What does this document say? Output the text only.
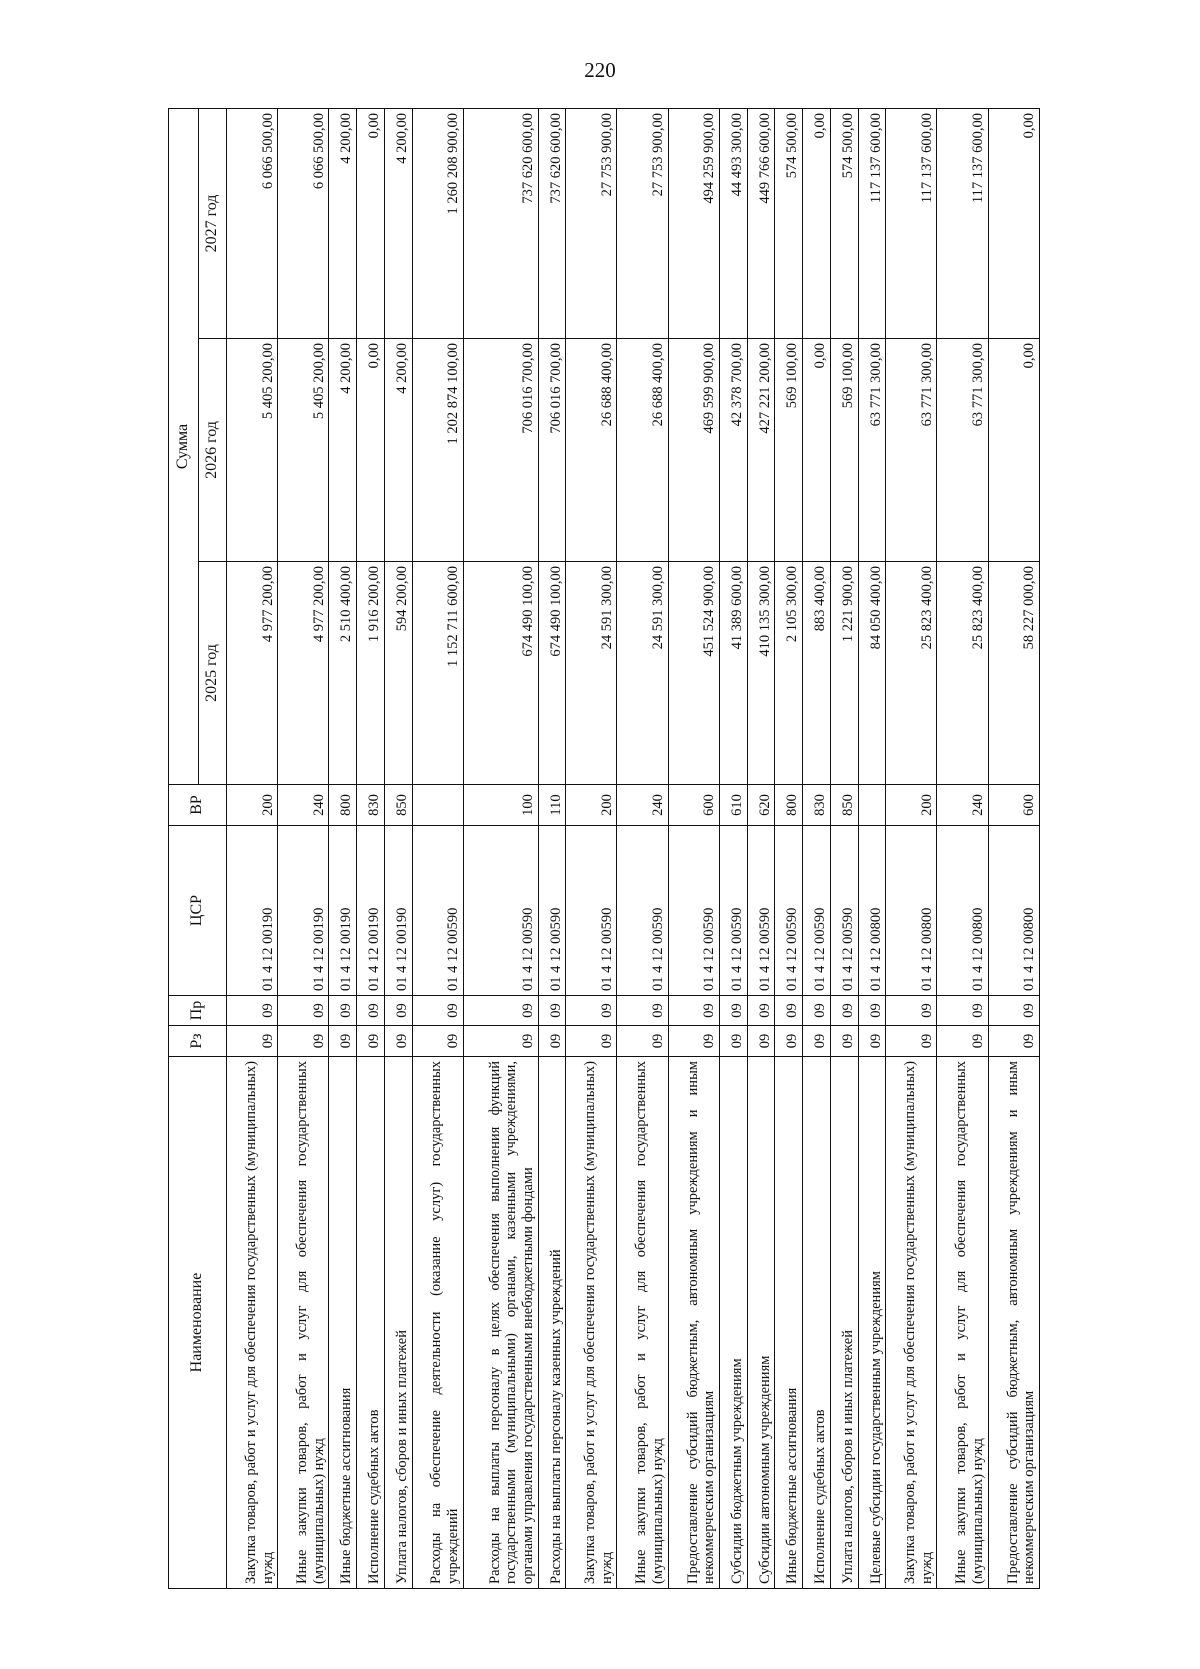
220
Наименование	Рз	Пр	ЦСР	ВР	Сумма		
					2025 год	2026 год	2027 год
Закупка товаров, работ и услуг для обеспечения государственных (муниципальных) нужд	09	09	01 4 12 00190	200	4 977 200,00	5 405 200,00	6 066 500,00
Иные закупки товаров, работ и услуг для обеспечения государственных (муниципальных) нужд	09	09	01 4 12 00190	240	4 977 200,00	5 405 200,00	6 066 500,00
Иные бюджетные ассигнования	09	09	01 4 12 00190	800	2 510 400,00	4 200,00	4 200,00
Исполнение судебных актов	09	09	01 4 12 00190	830	1 916 200,00	0,00	0,00
Уплата налогов, сборов и иных платежей	09	09	01 4 12 00190	850	594 200,00	4 200,00	4 200,00
Расходы на обеспечение деятельности (оказание услуг) государственных учреждений	09	09	01 4 12 00590		1 152 711 600,00	1 202 874 100,00	1 260 208 900,00
Расходы на выплаты персоналу в целях обеспечения выполнения функций государственными (муниципальными) органами, казенными учреждениями, органами управления государственными внебюджетными фондами	09	09	01 4 12 00590	100	674 490 100,00	706 016 700,00	737 620 600,00
Расходы на выплаты персоналу казенных учреждений	09	09	01 4 12 00590	110	674 490 100,00	706 016 700,00	737 620 600,00
Закупка товаров, работ и услуг для обеспечения государственных (муниципальных) нужд	09	09	01 4 12 00590	200	24 591 300,00	26 688 400,00	27 753 900,00
Иные закупки товаров, работ и услуг для обеспечения государственных (муниципальных) нужд	09	09	01 4 12 00590	240	24 591 300,00	26 688 400,00	27 753 900,00
Предоставление субсидий бюджетным, автономным учреждениям и иным некоммерческим организациям	09	09	01 4 12 00590	600	451 524 900,00	469 599 900,00	494 259 900,00
Субсидии бюджетным учреждениям	09	09	01 4 12 00590	610	41 389 600,00	42 378 700,00	44 493 300,00
Субсидии автономным учреждениям	09	09	01 4 12 00590	620	410 135 300,00	427 221 200,00	449 766 600,00
Иные бюджетные ассигнования	09	09	01 4 12 00590	800	2 105 300,00	569 100,00	574 500,00
Исполнение судебных актов	09	09	01 4 12 00590	830	883 400,00	0,00	0,00
Уплата налогов, сборов и иных платежей	09	09	01 4 12 00590	850	1 221 900,00	569 100,00	574 500,00
Целевые субсидии государственным учреждениям	09	09	01 4 12 00800		84 050 400,00	63 771 300,00	117 137 600,00
Закупка товаров, работ и услуг для обеспечения государственных (муниципальных) нужд	09	09	01 4 12 00800	200	25 823 400,00	63 771 300,00	117 137 600,00
Иные закупки товаров, работ и услуг для обеспечения государственных (муниципальных) нужд	09	09	01 4 12 00800	240	25 823 400,00	63 771 300,00	117 137 600,00
Предоставление субсидий бюджетным, автономным учреждениям и иным некоммерческим организациям	09	09	01 4 12 00800	600	58 227 000,00	0,00	0,00
